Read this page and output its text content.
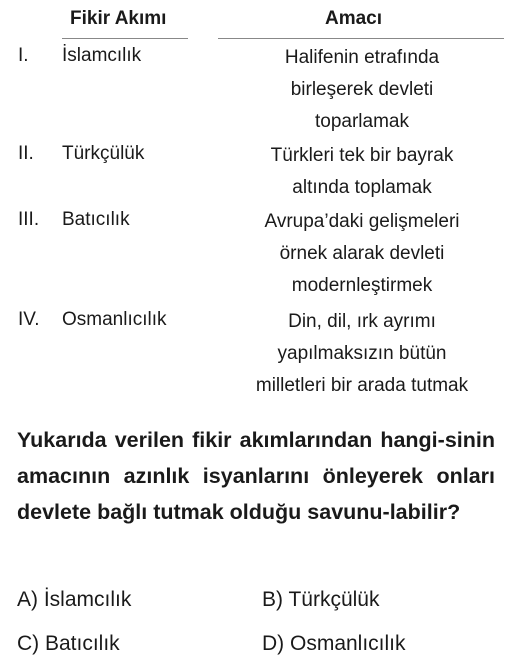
Fikir Akımı	Amacı
I. İslamcılık	Halifenin etrafında
birleşerek devleti
toparlamak
II. Türkçülük	Türkleri tek bir bayrak
altında toplamak
III. Batıcılık	Avrupa’daki gelişmeleri
örnek alarak devleti
modernleştirmek
IV. Osmanlıcılık	Din, dil, ırk ayrımı
yapılmaksızın bütün
milletleri bir arada tutmak
Yukarıda verilen fikir akımlarından hangi-sinin amacının azınlık isyanlarını önleyerek onları devlete bağlı tutmak olduğu savunu-labilir?
A) İslamcılık	B) Türkçülük
C) Batıcılık	D) Osmanlıcılık
